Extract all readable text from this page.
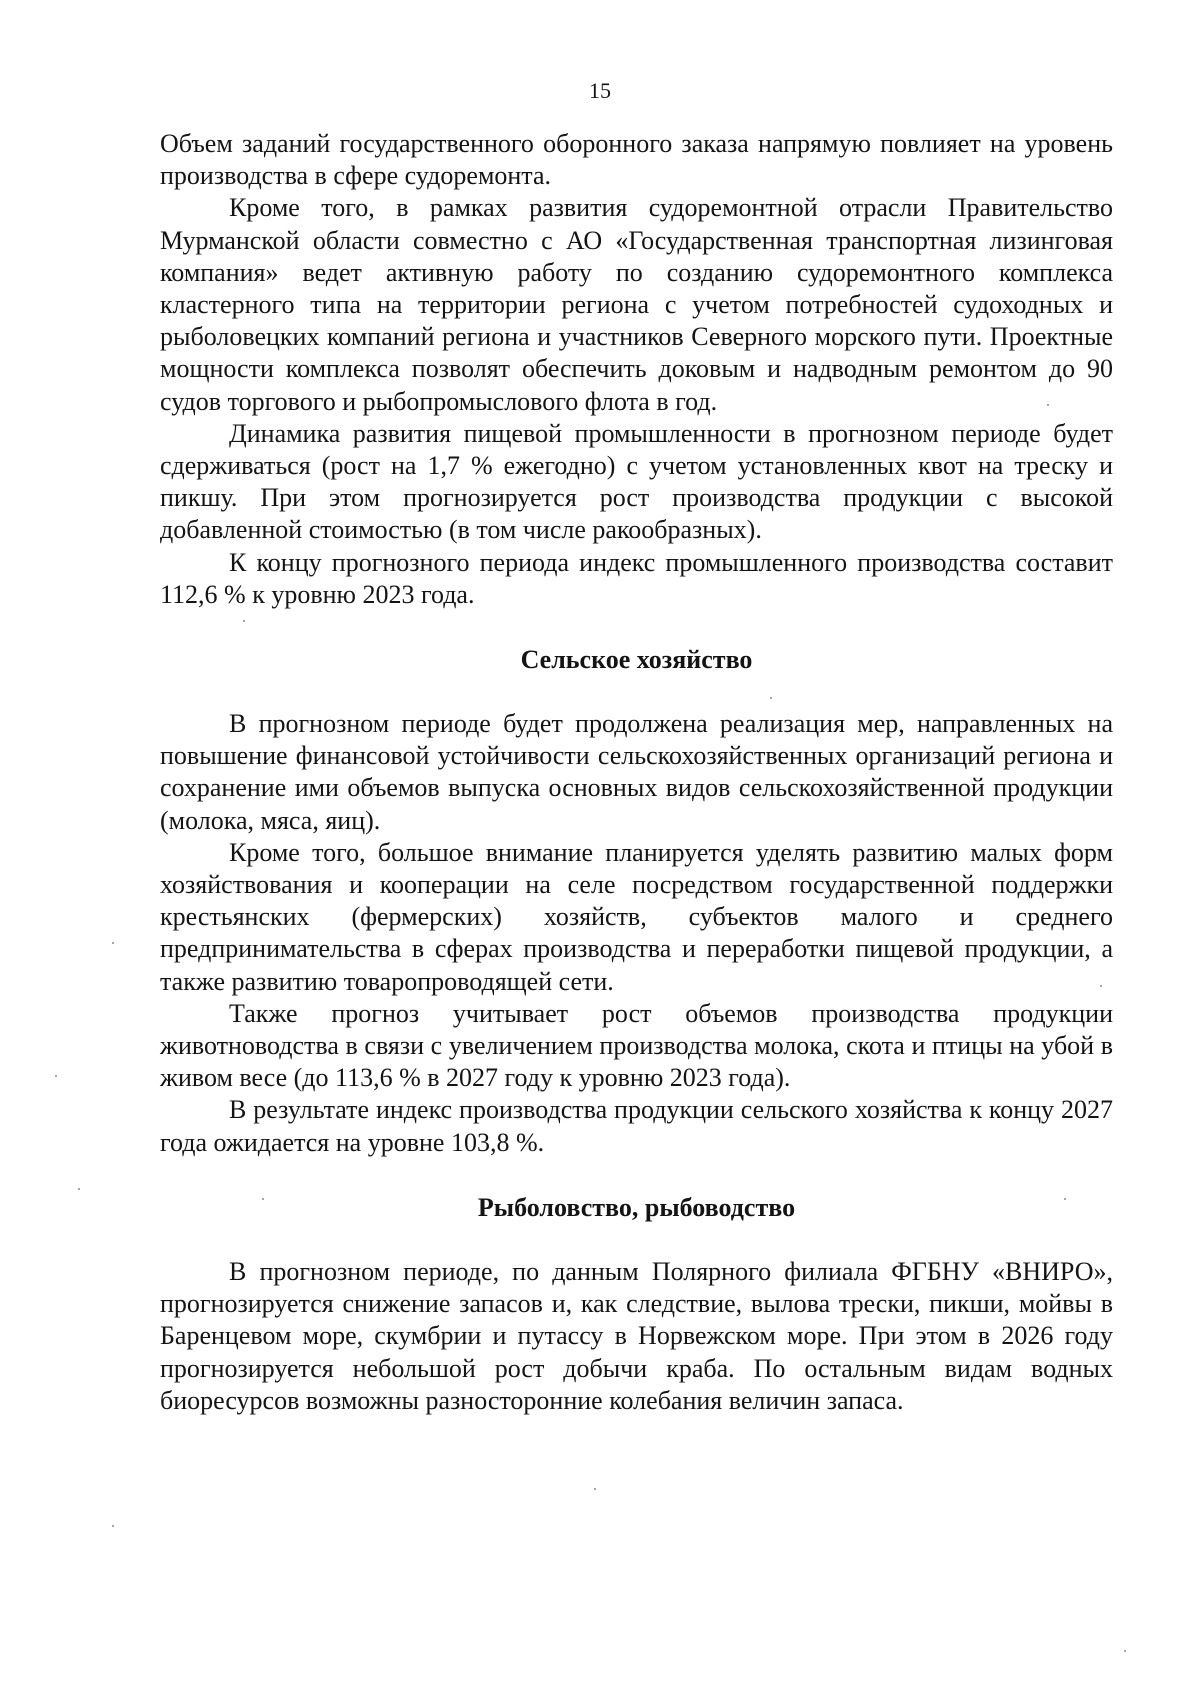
15

Объем заданий государственного оборонного заказа напрямую повлияет на уровень производства в сфере судоремонта.

Кроме того, в рамках развития судоремонтной отрасли Правительство Мурманской области совместно с АО «Государственная транспортная лизинговая компания» ведет активную работу по созданию судоремонтного комплекса кластерного типа на территории региона с учетом потребностей судоходных и рыболовецких компаний региона и участников Северного морского пути. Проектные мощности комплекса позволят обеспечить доковым и надводным ремонтом до 90 судов торгового и рыбопромыслового флота в год.

Динамика развития пищевой промышленности в прогнозном периоде будет сдерживаться (рост на 1,7 % ежегодно) с учетом установленных квот на треску и пикшу. При этом прогнозируется рост производства продукции с высокой добавленной стоимостью (в том числе ракообразных).

К концу прогнозного периода индекс промышленного производства составит 112,6 % к уровню 2023 года.

Сельское хозяйство

В прогнозном периоде будет продолжена реализация мер, направленных на повышение финансовой устойчивости сельскохозяйственных организаций региона и сохранение ими объемов выпуска основных видов сельскохозяйственной продукции (молока, мяса, яиц).

Кроме того, большое внимание планируется уделять развитию малых форм хозяйствования и кооперации на селе посредством государственной поддержки крестьянских (фермерских) хозяйств, субъектов малого и среднего предпринимательства в сферах производства и переработки пищевой продукции, а также развитию товаропроводящей сети.

Также прогноз учитывает рост объемов производства продукции животноводства в связи с увеличением производства молока, скота и птицы на убой в живом весе (до 113,6 % в 2027 году к уровню 2023 года).

В результате индекс производства продукции сельского хозяйства к концу 2027 года ожидается на уровне 103,8 %.

Рыболовство, рыбоводство

В прогнозном периоде, по данным Полярного филиала ФГБНУ «ВНИРО», прогнозируется снижение запасов и, как следствие, вылова трески, пикши, мойвы в Баренцевом море, скумбрии и путассу в Норвежском море. При этом в 2026 году прогнозируется небольшой рост добычи краба. По остальным видам водных биоресурсов возможны разносторонние колебания величин запаса.
